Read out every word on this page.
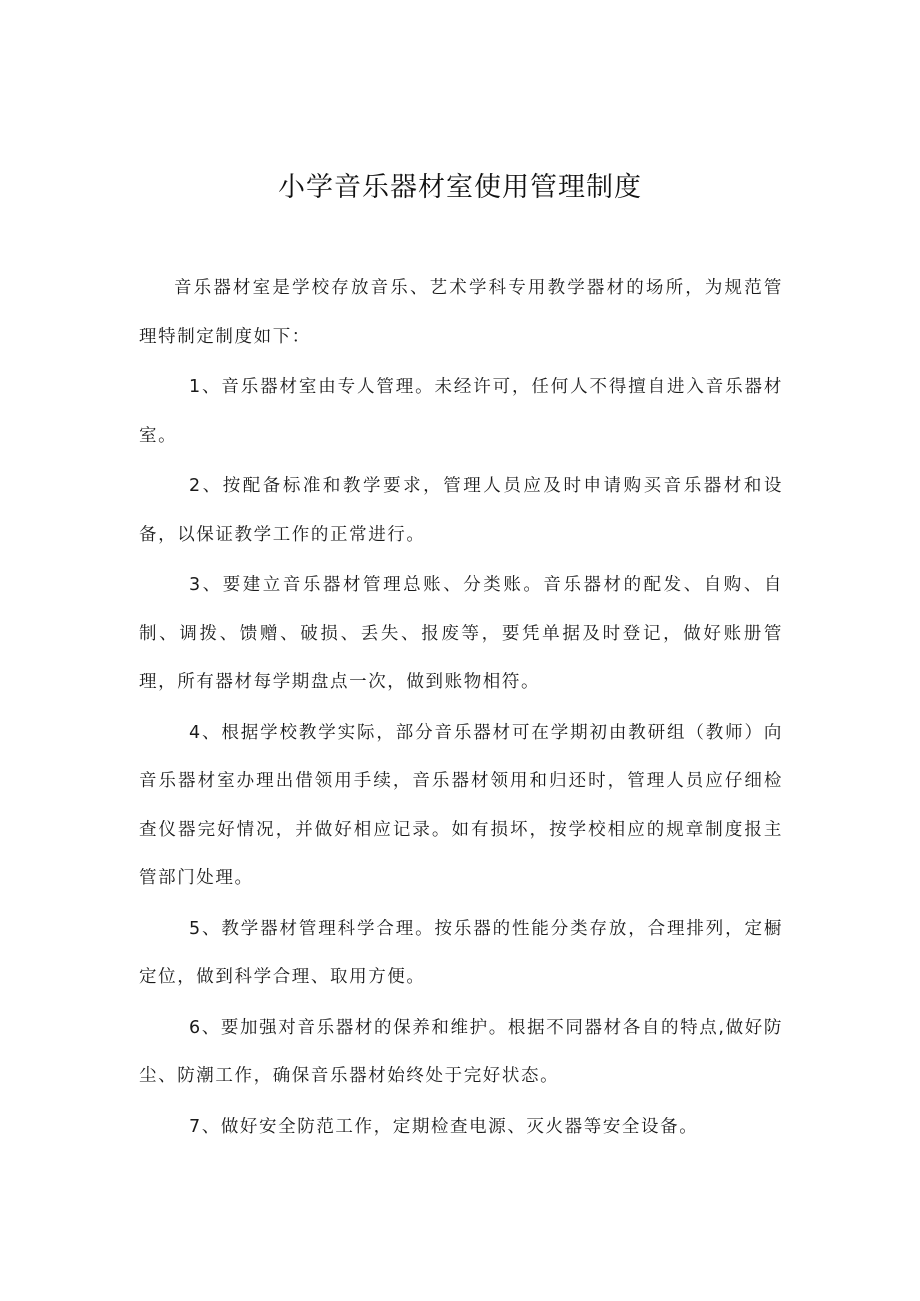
小学音乐器材室使用管理制度

音乐器材室是学校存放音乐、艺术学科专用教学器材的场所，为规范管理特制定制度如下：

1、音乐器材室由专人管理。未经许可，任何人不得擅自进入音乐器材室。

2、按配备标准和教学要求，管理人员应及时申请购买音乐器材和设备，以保证教学工作的正常进行。

3、要建立音乐器材管理总账、分类账。音乐器材的配发、自购、自制、调拨、馈赠、破损、丢失、报废等，要凭单据及时登记，做好账册管理，所有器材每学期盘点一次，做到账物相符。

4、根据学校教学实际，部分音乐器材可在学期初由教研组（教师）向音乐器材室办理出借领用手续，音乐器材领用和归还时，管理人员应仔细检查仪器完好情况，并做好相应记录。如有损坏，按学校相应的规章制度报主管部门处理。

5、教学器材管理科学合理。按乐器的性能分类存放，合理排列，定橱定位，做到科学合理、取用方便。

6、要加强对音乐器材的保养和维护。根据不同器材各自的特点,做好防尘、防潮工作，确保音乐器材始终处于完好状态。

7、做好安全防范工作，定期检查电源、灭火器等安全设备。
